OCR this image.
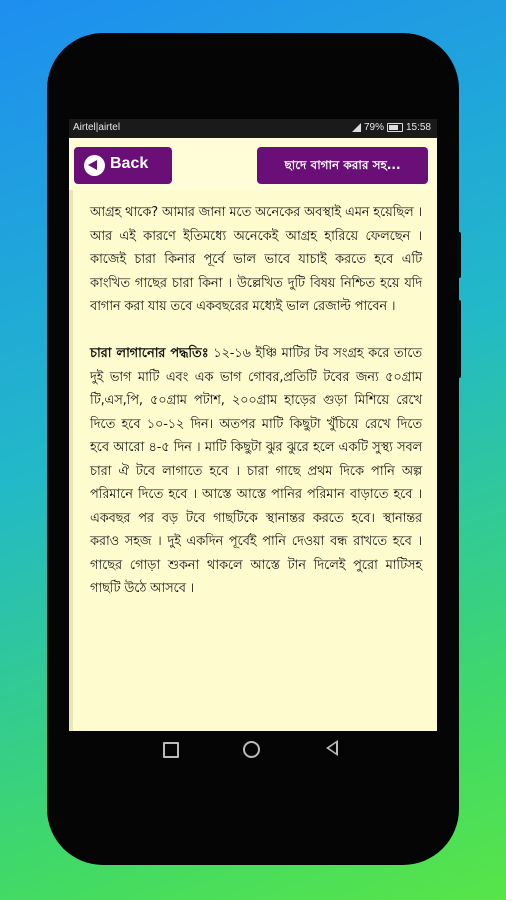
Airtel|airtel	79% 15:58
Back	ছাদে বাগান করার সহ...

আগ্রহ থাকে? আমার জানা মতে অনেকের অবস্থাই এমন হয়েছিল । আর এই কারণে ইতিমধ্যে অনেকেই আগ্রহ হারিয়ে ফেলছেন । কাজেই চারা কিনার পূর্বে ভাল ভাবে যাচাই করতে হবে এটি কাংখিত গাছের চারা কিনা । উল্লেখিত দুটি বিষয় নিশ্চিত হয়ে যদি বাগান করা যায় তবে একবছরের মধ্যেই ভাল রেজাল্ট পাবেন ।

চারা লাগানোর পদ্ধতিঃ ১২-১৬ ইঞ্চি মাটির টব সংগ্রহ করে তাতে দুই ভাগ মাটি এবং এক ভাগ গোবর,প্রতিটি টবের জন্য ৫০গ্রাম টি,এস,পি, ৫০গ্রাম পটাশ, ২০০গ্রাম হাড়ের গুড়া মিশিয়ে রেখে দিতে হবে ১০-১২ দিন। অতপর মাটি কিছুটা খুঁচিয়ে রেখে দিতে হবে আরো ৪-৫ দিন । মাটি কিছুটা ঝুর ঝুরে হলে একটি সুস্থ্য সবল চারা ঐ টবে লাগাতে হবে । চারা গাছে প্রথম দিকে পানি অল্প পরিমানে দিতে হবে । আস্তে আস্তে পানির পরিমান বাড়াতে হবে । একবছর পর বড় টবে গাছটিকে স্থানান্তর করতে হবে। স্থানান্তর করাও সহজ । দুই একদিন পূর্বেই পানি দেওয়া বন্ধ রাখতে হবে । গাছের গোড়া শুকনা থাকলে আস্তে টান দিলেই পুরো মাটিসহ গাছটি উঠে আসবে ।
